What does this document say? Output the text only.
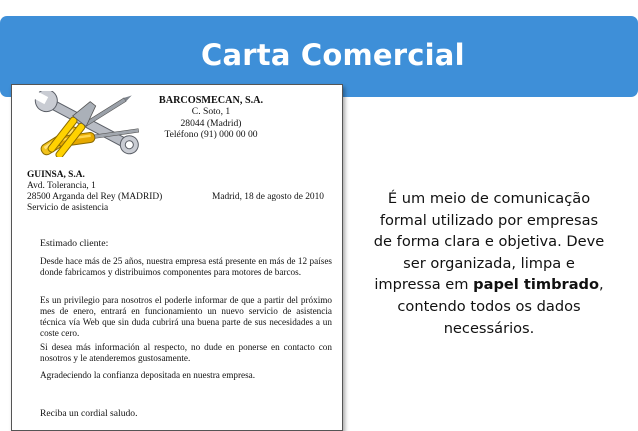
Carta Comercial
BARCOSMECAN, S.A.
C. Soto, 1
28044 (Madrid)
Teléfono (91) 000 00 00
GUINSA, S.A.
Avd. Tolerancia, 1
28500 Arganda del Rey (MADRID)
Servicio de asistencia
Madrid, 18 de agosto de 2010
Estimado cliente:
Desde hace más de 25 años, nuestra empresa está presente en más de 12 países donde fabricamos y distribuimos componentes para motores de barcos.
Es un privilegio para nosotros el poderle informar de que a partir del próximo mes de enero, entrará en funcionamiento un nuevo servicio de asistencia técnica vía Web que sin duda cubrirá una buena parte de sus necesidades a un coste cero.
Si desea más información al respecto, no dude en ponerse en contacto con nosotros y le atenderemos gustosamente.
Agradeciendo la confianza depositada en nuestra empresa.
Reciba un cordial saludo.
É um meio de comunicação formal utilizado por empresas de forma clara e objetiva. Deve ser organizada, limpa e impressa em papel timbrado, contendo todos os dados necessários.
